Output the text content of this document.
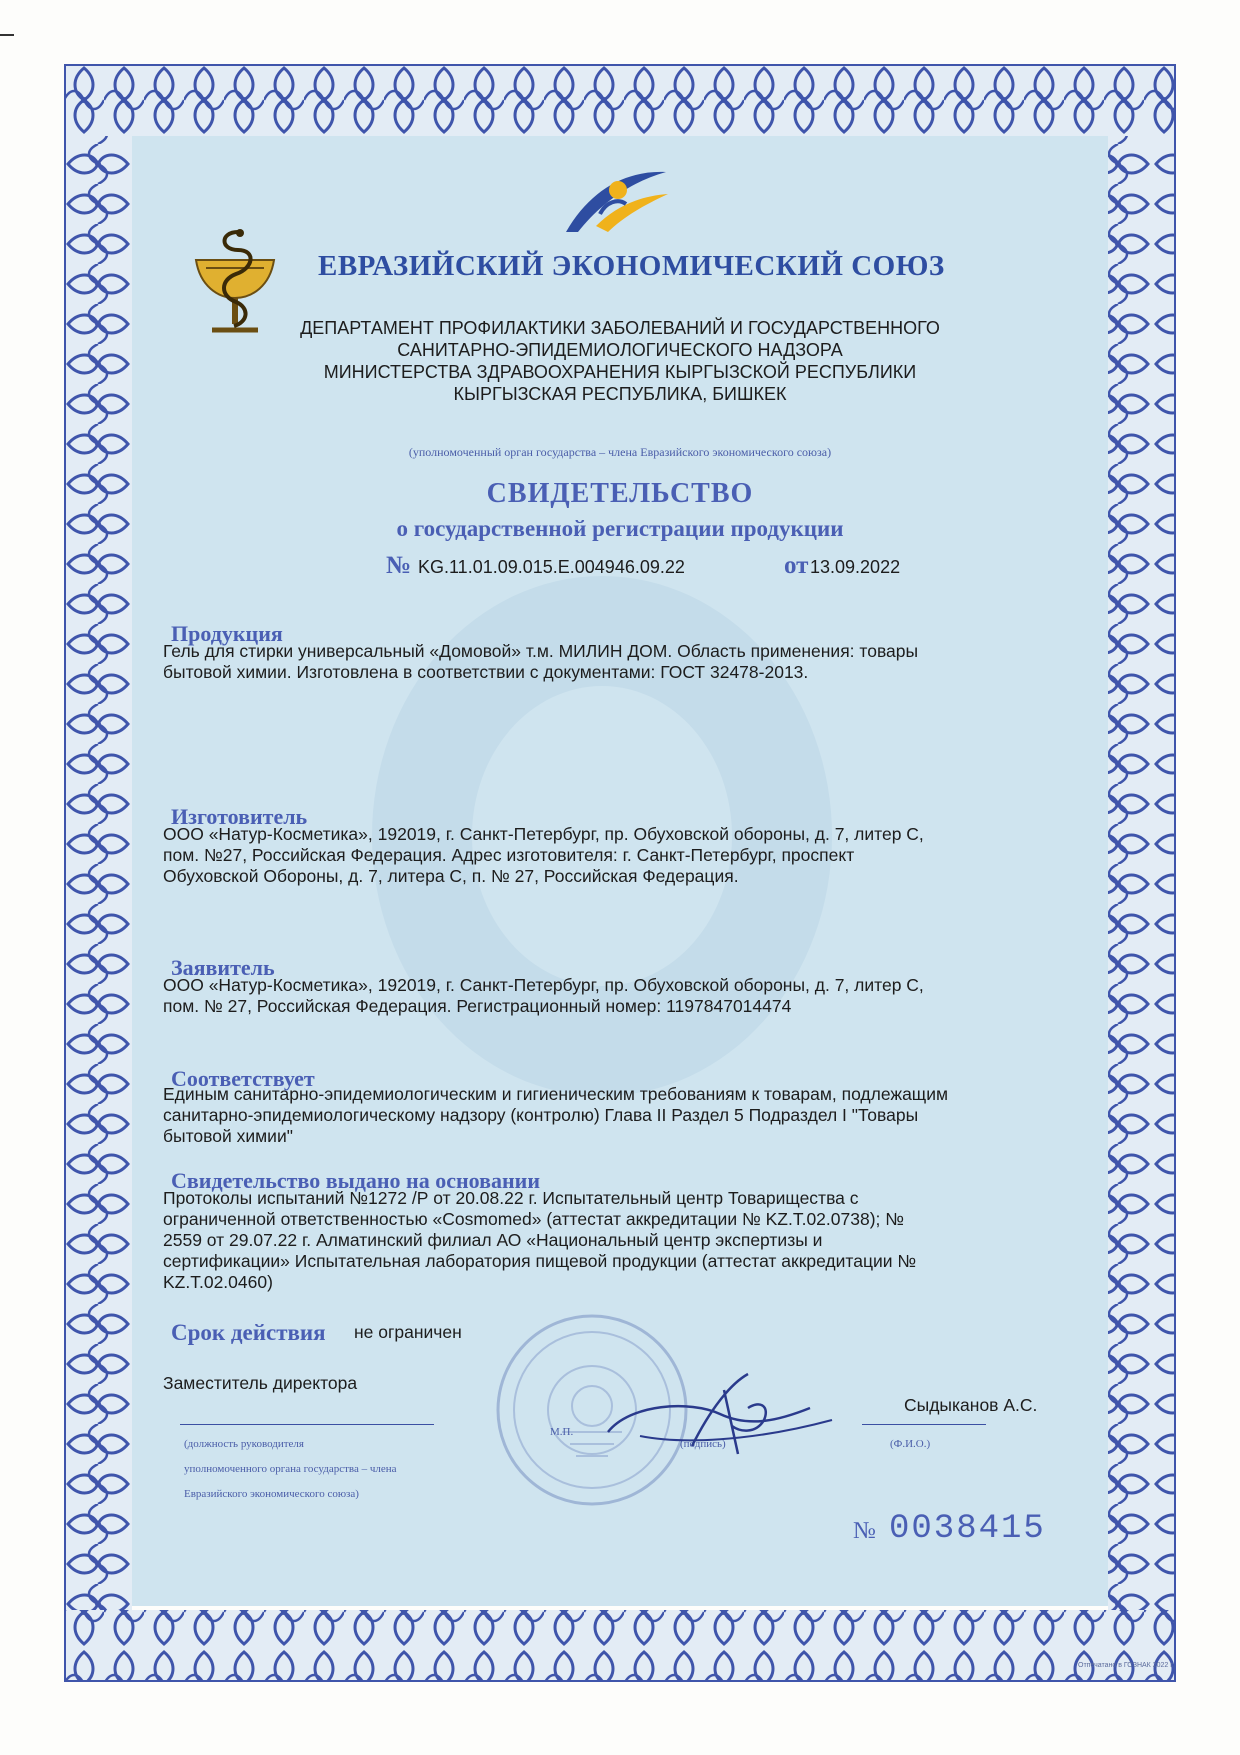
ЕВРАЗИЙСКИЙ ЭКОНОМИЧЕСКИЙ СОЮЗ
ДЕПАРТАМЕНТ ПРОФИЛАКТИКИ ЗАБОЛЕВАНИЙ И ГОСУДАРСТВЕННОГО
САНИТАРНО-ЭПИДЕМИОЛОГИЧЕСКОГО НАДЗОРА
МИНИСТЕРСТВА ЗДРАВООХРАНЕНИЯ КЫРГЫЗСКОЙ РЕСПУБЛИКИ
КЫРГЫЗСКАЯ РЕСПУБЛИКА, БИШКЕК
(уполномоченный орган государства – члена Евразийского экономического союза)
СВИДЕТЕЛЬСТВО
о государственной регистрации продукции
№ KG.11.01.09.015.E.004946.09.22	от 13.09.2022
Продукция
Гель для стирки универсальный «Домовой» т.м. МИЛИН ДОМ. Область применения: товары
бытовой химии. Изготовлена в соответствии с документами: ГОСТ 32478-2013.
Изготовитель
ООО «Натур-Косметика», 192019, г. Санкт-Петербург, пр. Обуховской обороны, д. 7, литер С,
пом. №27, Российская Федерация. Адрес изготовителя: г. Санкт-Петербург, проспект
Обуховской Обороны, д. 7, литера С, п. № 27, Российская Федерация.
Заявитель
ООО «Натур-Косметика», 192019, г. Санкт-Петербург, пр. Обуховской обороны, д. 7, литер С,
пом. № 27, Российская Федерация. Регистрационный номер: 1197847014474
Соответствует
Единым санитарно-эпидемиологическим и гигиеническим требованиям к товарам, подлежащим
санитарно-эпидемиологическому надзору (контролю) Глава II Раздел 5 Подраздел I "Товары
бытовой химии"
Свидетельство выдано на основании
Протоколы испытаний №1272 /Р от 20.08.22 г. Испытательный центр Товарищества с
ограниченной ответственностью «Cosmomed» (аттестат аккредитации № KZ.T.02.0738); №
2559 от 29.07.22 г. Алматинский филиал АО «Национальный центр экспертизы и
сертификации» Испытательная лаборатория пищевой продукции (аттестат аккредитации №
KZ.T.02.0460)
Срок действия не ограничен
Заместитель директора
Сыдыканов А.С.
(должность руководителя
уполномоченного органа государства – члена
Евразийского экономического союза)
М.П.
(подпись)	(Ф.И.О.)
№ 0038415
Отпечатано в ГОЗНАК 2022 г.
